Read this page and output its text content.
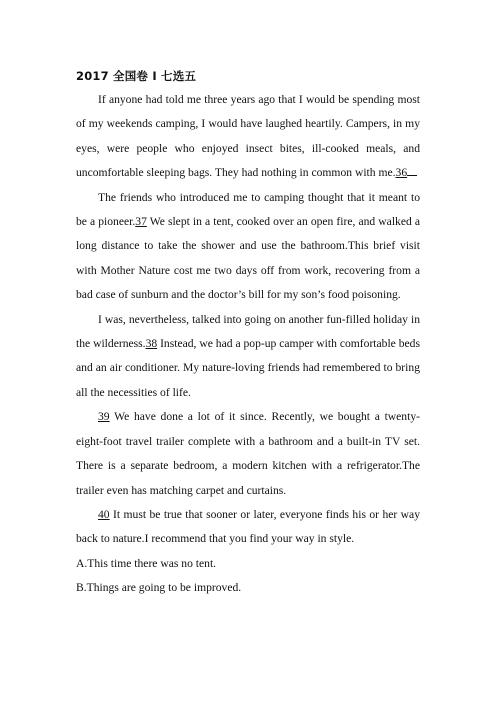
2017 全国卷 I 七选五

If anyone had told me three years ago that I would be spending most of my weekends camping, I would have laughed heartily. Campers, in my eyes, were people who enjoyed insect bites, ill-cooked meals, and uncomfortable sleeping bags. They had nothing in common with me.36

The friends who introduced me to camping thought that it meant to be a pioneer.37 We slept in a tent, cooked over an open fire, and walked a long distance to take the shower and use the bathroom.This brief visit with Mother Nature cost me two days off from work, recovering from a bad case of sunburn and the doctor’s bill for my son’s food poisoning.

I was, nevertheless, talked into going on another fun-filled holiday in the wilderness.38 Instead, we had a pop-up camper with comfortable beds and an air conditioner. My nature-loving friends had remembered to bring all the necessities of life.

39 We have done a lot of it since. Recently, we bought a twenty-eight-foot travel trailer complete with a bathroom and a built-in TV set. There is a separate bedroom, a modern kitchen with a refrigerator.The trailer even has matching carpet and curtains.

40 It must be true that sooner or later, everyone finds his or her way back to nature.I recommend that you find your way in style.

A.This time there was no tent.

B.Things are going to be improved.
